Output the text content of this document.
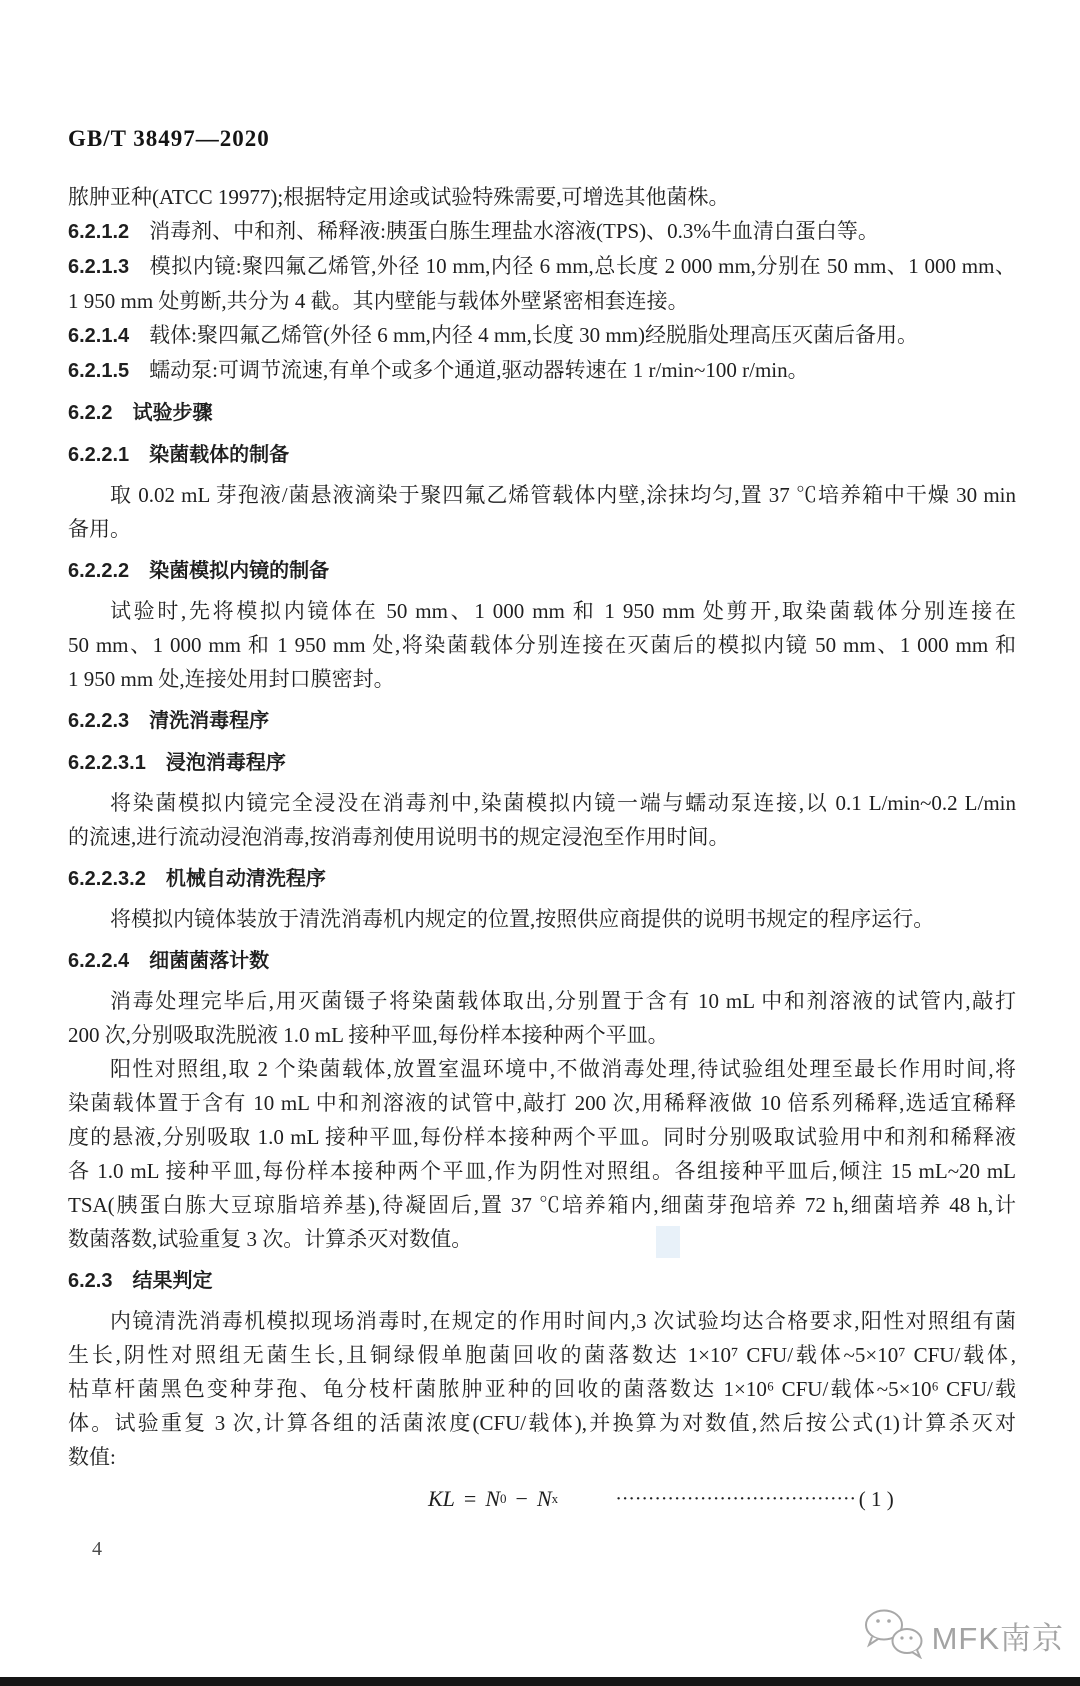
GB/T 38497—2020
脓肿亚种(ATCC 19977);根据特定用途或试验特殊需要,可增选其他菌株。
6.2.1.2 消毒剂、中和剂、稀释液:胰蛋白胨生理盐水溶液(TPS)、0.3%牛血清白蛋白等。
6.2.1.3 模拟内镜:聚四氟乙烯管,外径 10 mm,内径 6 mm,总长度 2 000 mm,分别在 50 mm、1 000 mm、
1 950 mm 处剪断,共分为 4 截。其内壁能与载体外壁紧密相套连接。
6.2.1.4 载体:聚四氟乙烯管(外径 6 mm,内径 4 mm,长度 30 mm)经脱脂处理高压灭菌后备用。
6.2.1.5 蠕动泵:可调节流速,有单个或多个通道,驱动器转速在 1 r/min~100 r/min。
6.2.2 试验步骤
6.2.2.1 染菌载体的制备
取 0.02 mL 芽孢液/菌悬液滴染于聚四氟乙烯管载体内壁,涂抹均匀,置 37 ℃培养箱中干燥 30 min
备用。
6.2.2.2 染菌模拟内镜的制备
试验时,先将模拟内镜体在 50 mm、1 000 mm 和 1 950 mm 处剪开,取染菌载体分别连接在
50 mm、1 000 mm 和 1 950 mm 处,将染菌载体分别连接在灭菌后的模拟内镜 50 mm、1 000 mm 和
1 950 mm 处,连接处用封口膜密封。
6.2.2.3 清洗消毒程序
6.2.2.3.1 浸泡消毒程序
将染菌模拟内镜完全浸没在消毒剂中,染菌模拟内镜一端与蠕动泵连接,以 0.1 L/min~0.2 L/min
的流速,进行流动浸泡消毒,按消毒剂使用说明书的规定浸泡至作用时间。
6.2.2.3.2 机械自动清洗程序
将模拟内镜体装放于清洗消毒机内规定的位置,按照供应商提供的说明书规定的程序运行。
6.2.2.4 细菌菌落计数
消毒处理完毕后,用灭菌镊子将染菌载体取出,分别置于含有 10 mL 中和剂溶液的试管内,敲打
200 次,分别吸取洗脱液 1.0 mL 接种平皿,每份样本接种两个平皿。
阳性对照组,取 2 个染菌载体,放置室温环境中,不做消毒处理,待试验组处理至最长作用时间,将
染菌载体置于含有 10 mL 中和剂溶液的试管中,敲打 200 次,用稀释液做 10 倍系列稀释,选适宜稀释
度的悬液,分别吸取 1.0 mL 接种平皿,每份样本接种两个平皿。同时分别吸取试验用中和剂和稀释液
各 1.0 mL 接种平皿,每份样本接种两个平皿,作为阴性对照组。各组接种平皿后,倾注 15 mL~20 mL
TSA(胰蛋白胨大豆琼脂培养基),待凝固后,置 37 ℃培养箱内,细菌芽孢培养 72 h,细菌培养 48 h,计
数菌落数,试验重复 3 次。计算杀灭对数值。
6.2.3 结果判定
内镜清洗消毒机模拟现场消毒时,在规定的作用时间内,3 次试验均达合格要求,阳性对照组有菌
生长,阴性对照组无菌生长,且铜绿假单胞菌回收的菌落数达 1×10⁷ CFU/载体~5×10⁷ CFU/载体,
枯草杆菌黑色变种芽孢、龟分枝杆菌脓肿亚种的回收的菌落数达 1×10⁶ CFU/载体~5×10⁶ CFU/载
体。试验重复 3 次,计算各组的活菌浓度(CFU/载体),并换算为对数值,然后按公式(1)计算杀灭对
数值:
KL = N 0 − N x	····································· ( 1 )
4
MFK南京
